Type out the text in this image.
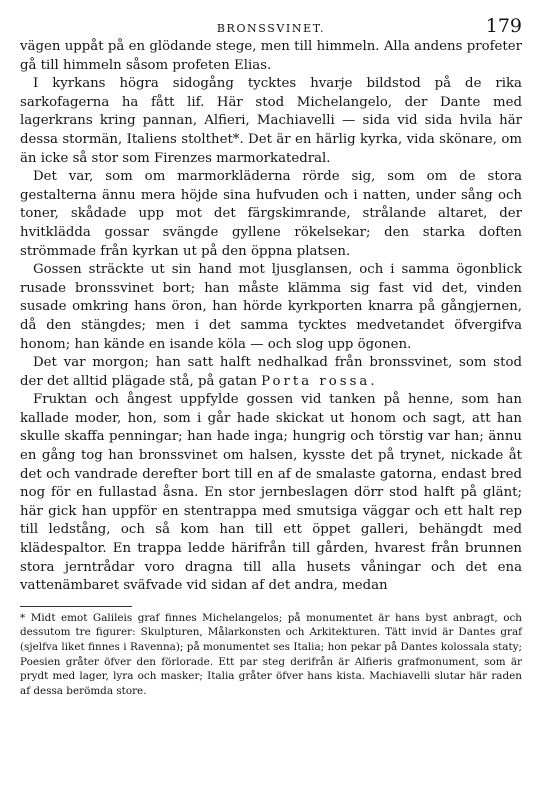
BRONSSVINET.	179

vägen uppåt på en glödande stege, men till himmeln. Alla andens profeter gå till himmeln såsom profeten Elias.

I kyrkans högra sidogång tycktes hvarje bildstod på de rika sarkofagerna ha fått lif. Här stod Michelangelo, der Dante med lagerkrans kring pannan, Alfieri, Machiavelli — sida vid sida hvila här dessa stormän, Italiens stolthet*. Det är en härlig kyrka, vida skönare, om än icke så stor som Firenzes marmorkatedral.

Det var, som om marmorkläderna rörde sig, som om de stora gestalterna ännu mera höjde sina hufvuden och i natten, under sång och toner, skådade upp mot det färgskimrande, strålande altaret, der hvitklädda gossar svängde gyllene rökelsekar; den starka doften strömmade från kyrkan ut på den öppna platsen.

Gossen sträckte ut sin hand mot ljusglansen, och i samma ögonblick rusade bronssvinet bort; han måste klämma sig fast vid det, vinden susade omkring hans öron, han hörde kyrkporten knarra på gångjernen, då den stängdes; men i det samma tycktes medvetandet öfvergifva honom; han kände en isande köla — och slog upp ögonen.

Det var morgon; han satt halft nedhalkad från bronssvinet, som stod der det alltid plägade stå, på gatan Porta rossa.

Fruktan och ångest uppfylde gossen vid tanken på henne, som han kallade moder, hon, som i går hade skickat ut honom och sagt, att han skulle skaffa penningar; han hade inga; hungrig och törstig var han; ännu en gång tog han bronssvinet om halsen, kysste det på trynet, nickade åt det och vandrade derefter bort till en af de smalaste gatorna, endast bred nog för en fullastad åsna. En stor jernbeslagen dörr stod halft på glänt; här gick han uppför en stentrappa med smutsiga väggar och ett halt rep till ledstång, och så kom han till ett öppet galleri, behängdt med klädespaltor. En trappa ledde härifrån till gården, hvarest från brunnen stora jerntrådar voro dragna till alla husets våningar och det ena vattenämbaret sväfvade vid sidan af det andra, medan

* Midt emot Galileis graf finnes Michelangelos; på monumentet är hans byst anbragt, och dessutom tre figurer: Skulpturen, Målarkonsten och Arkitekturen. Tätt invid är Dantes graf (sjelfva liket finnes i Ravenna); på monumentet ses Italia; hon pekar på Dantes kolossala staty; Poesien gråter öfver den förlorade. Ett par steg derifrån är Alfieris grafmonument, som är prydt med lager, lyra och masker; Italia gråter öfver hans kista. Machiavelli slutar här raden af dessa berömda store.
